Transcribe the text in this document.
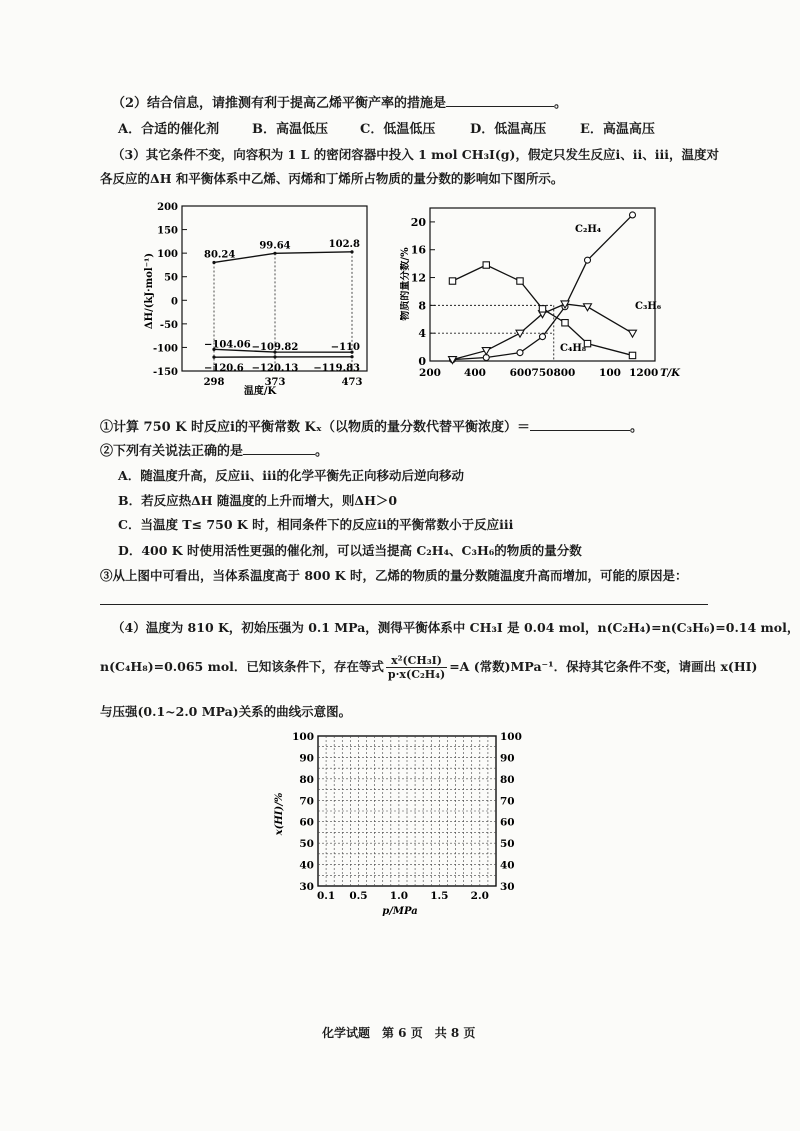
（2）结合信息，请推测有利于提高乙烯平衡产率的措施是	。
A．合适的催化剂	B．高温低压 C．低温低压	D．低温高压	E．高温高压
（3）其它条件不变，向容积为 1 L 的密闭容器中投入 1 mol CH₃I(g)，假定只发生反应ⅰ、ⅱ、ⅲ，温度对
各反应的ΔH 和平衡体系中乙烯、丙烯和丁烯所占物质的量分数的影响如下图所示。
ΔH/(kJ·mol⁻¹)
温度/K
200
150
100
50
0
-50
-100
-150
298	373	473
80.24
99.64	102.8
−104.06 −109.82	−110
−120.6 −120.13 −119.83
物质的量分数/%
T/K
20
16
12
8
4
0
200 400 600750800 100 1200
C₂H₄
C₃H₆
C₄H₈
①计算 750 K 时反应ⅰ的平衡常数 Kₓ（以物质的量分数代替平衡浓度）＝	。
②下列有关说法正确的是	。
A．随温度升高，反应ⅱ、ⅲ的化学平衡先正向移动后逆向移动
B．若反应热ΔH 随温度的上升而增大，则ΔH＞0
C．当温度 T≤ 750 K 时，相同条件下的反应ⅱ的平衡常数小于反应ⅲ
D．400 K 时使用活性更强的催化剂，可以适当提高 C₂H₄、C₃H₆的物质的量分数
③从上图中可看出，当体系温度高于 800 K 时，乙烯的物质的量分数随温度升高而增加，可能的原因是：
（4）温度为 810 K，初始压强为 0.1 MPa，测得平衡体系中 CH₃I 是 0.04 mol，n(C₂H₄)=n(C₃H₆)=0.14 mol，
n(C₄H₈)=0.065 mol．已知该条件下，存在等式 $\frac{\text{x²(CH₃I)}}{\text{p·x(C₂H₄)}} =A$ (常数)MPa⁻¹．保持其它条件不变，请画出 x(HI)
与压强(0.1~2.0 MPa)关系的曲线示意图。
100	100
90	90
80	80
70	70
60	60
50	50
40	40
30	30
0.1 0.5 1.0 1.5 2.0
x(HI)/%
p/MPa
化学试题　第 6 页　共 8 页
